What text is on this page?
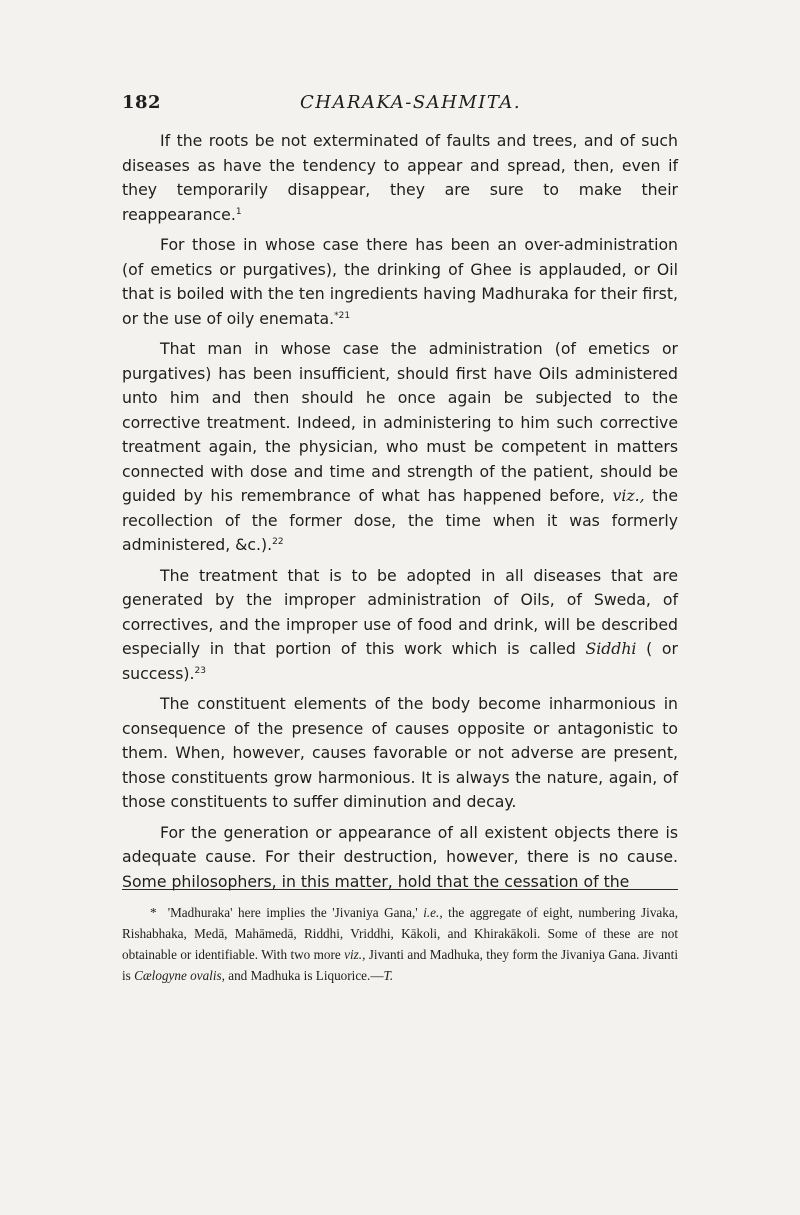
182	CHARAKA-SAHMITA.

If the roots be not exterminated of faults and trees, and of such diseases as have the tendency to appear and spread, then, even if they temporarily disappear, they are sure to make their reappearance.$^1$

For those in whose case there has been an over-administration (of emetics or purgatives), the drinking of Ghee is applauded, or Oil that is boiled with the ten ingredients having Madhuraka for their first, or the use of oily enemata.$^{*21}$

That man in whose case the administration (of emetics or purgatives) has been insufficient, should first have Oils administered unto him and then should he once again be subjected to the corrective treatment. Indeed, in administering to him such corrective treatment again, the physician, who must be competent in matters connected with dose and time and strength of the patient, should be guided by his remembrance of what has happened before, viz., the recollection of the former dose, the time when it was formerly administered, &c.).$^{22}$

The treatment that is to be adopted in all diseases that are generated by the improper administration of Oils, of Sweda, of correctives, and the improper use of food and drink, will be described especially in that portion of this work which is called Siddhi ( or success).$^{23}$

The constituent elements of the body become inharmonious in consequence of the presence of causes opposite or antagonistic to them. When, however, causes favorable or not adverse are present, those constituents grow harmonious. It is always the nature, again, of those constituents to suffer diminution and decay.

For the generation or appearance of all existent objects there is adequate cause. For their destruction, however, there is no cause. Some philosophers, in this matter, hold that the cessation of the

* 'Madhuraka' here implies the 'Jivaniya Gana,' i.e., the aggregate of eight, numbering Jivaka, Rishabhaka, Medā, Mahāmedā, Riddhi, Vriddhi, Kākoli, and Khirakākoli. Some of these are not obtainable or identifiable. With two more viz., Jivanti and Madhuka, they form the Jivaniya Gana. Jivanti is Cælogyne ovalis, and Madhuka is Liquorice.—T.
